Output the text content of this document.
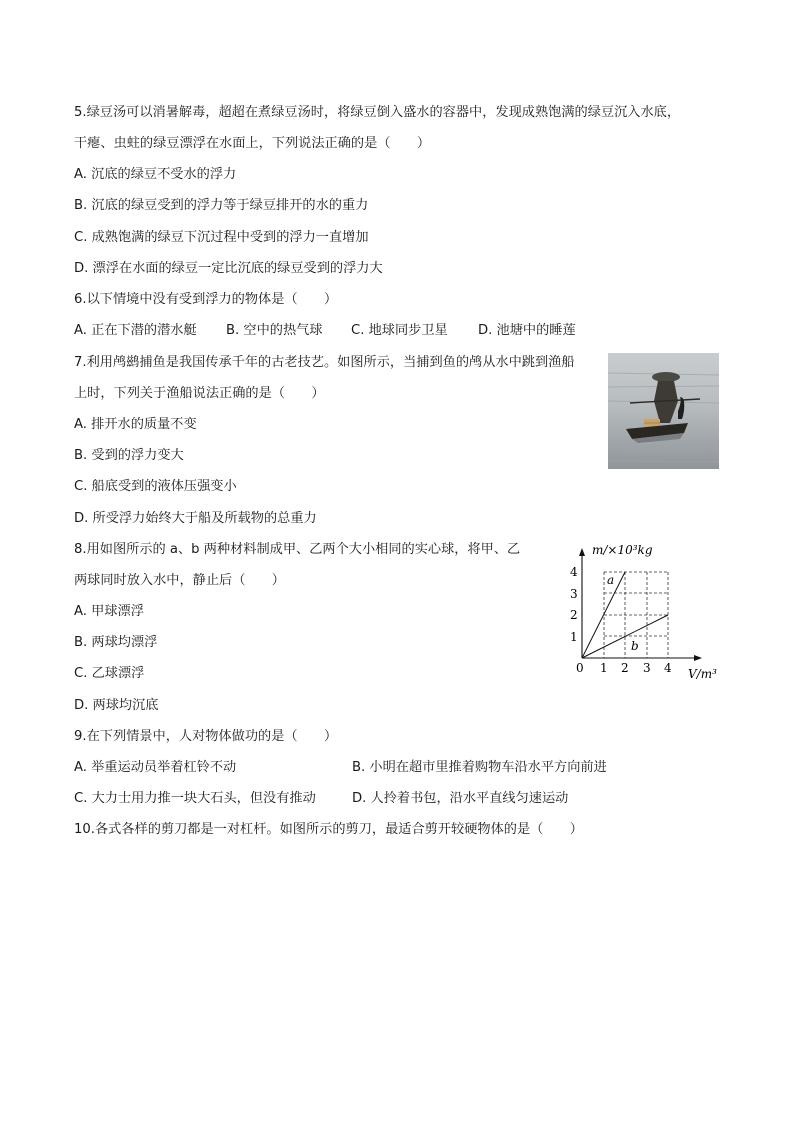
5.绿豆汤可以消暑解毒，超超在煮绿豆汤时，将绿豆倒入盛水的容器中，发现成熟饱满的绿豆沉入水底，
干瘪、虫蛀的绿豆漂浮在水面上，下列说法正确的是（　　）
A. 沉底的绿豆不受水的浮力
B. 沉底的绿豆受到的浮力等于绿豆排开的水的重力
C. 成熟饱满的绿豆下沉过程中受到的浮力一直增加
D. 漂浮在水面的绿豆一定比沉底的绿豆受到的浮力大
6.以下情境中没有受到浮力的物体是（　　）
A. 正在下潜的潜水艇 B. 空中的热气球 C. 地球同步卫星 D. 池塘中的睡莲
7.利用鸬鹚捕鱼是我国传承千年的古老技艺。如图所示，当捕到鱼的鸬从水中跳到渔船
上时，下列关于渔船说法正确的是（　　）
A. 排开水的质量不变
B. 受到的浮力变大
C. 船底受到的液体压强变小
D. 所受浮力始终大于船及所载物的总重力
8.用如图所示的 a、b 两种材料制成甲、乙两个大小相同的实心球，将甲、乙
两球同时放入水中，静止后（　　）
A. 甲球漂浮
B. 两球均漂浮
C. 乙球漂浮
D. 两球均沉底
m/×10³kg
V/m³
0 1 2 3 4
1
2
3
4
a
b
9.在下列情景中，人对物体做功的是（　　）
A. 举重运动员举着杠铃不动	B. 小明在超市里推着购物车沿水平方向前进
C. 大力士用力推一块大石头，但没有推动	D. 人拎着书包，沿水平直线匀速运动
10.各式各样的剪刀都是一对杠杆。如图所示的剪刀，最适合剪开较硬物体的是（　　）
